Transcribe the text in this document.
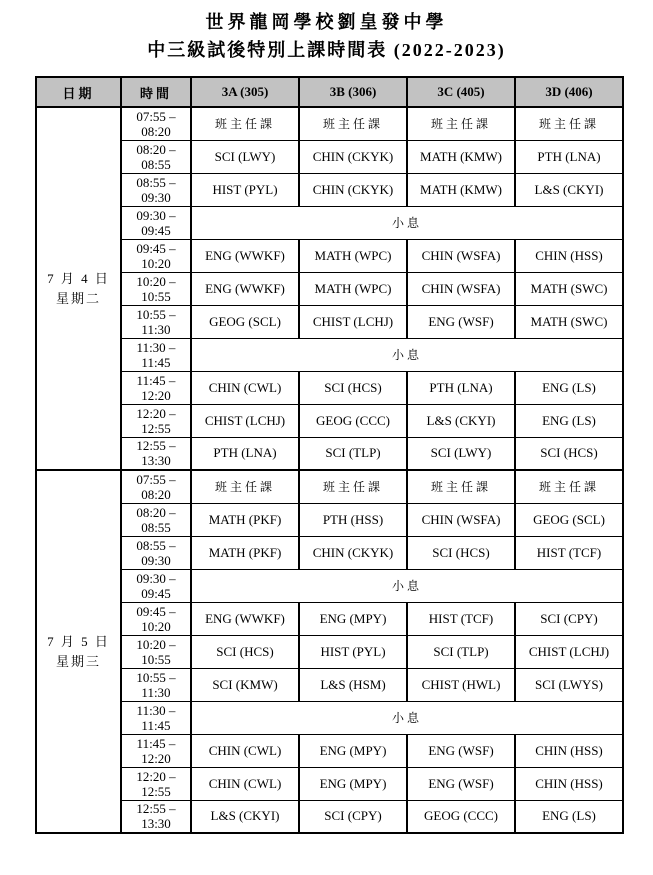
世界龍岡學校劉皇發中學
中三級試後特別上課時間表 (2022-2023)
日期	時間	3A (305)	3B (306)	3C (405)	3D (406)

7 月 4 日
星期二

07:55 –
08:20	班主任課	班主任課	班主任課	班主任課

	08:20 –
08:55	SCI (LWY)	CHIN (CKYK)	MATH (KMW)	PTH (LNA)

	08:55 –
09:30	HIST (PYL)	CHIN (CKYK)	MATH (KMW)	L&S (CKYI)

	09:30 –
09:45	小息			

	09:45 –
10:20	ENG (WWKF)	MATH (WPC)	CHIN (WSFA)	CHIN (HSS)

	10:20 –
10:55	ENG (WWKF)	MATH (WPC)	CHIN (WSFA)	MATH (SWC)

	10:55 –
11:30	GEOG (SCL)	CHIST (LCHJ)	ENG (WSF)	MATH (SWC)

	11:30 –
11:45	小息			

	11:45 –
12:20	CHIN (CWL)	SCI (HCS)	PTH (LNA)	ENG (LS)

	12:20 –
12:55	CHIST (LCHJ)	GEOG (CCC)	L&S (CKYI)	ENG (LS)

	12:55 –
13:30	PTH (LNA)	SCI (TLP)	SCI (LWY)	SCI (HCS)

7 月 5 日
星期三

07:55 –
08:20	班主任課	班主任課	班主任課	班主任課

	08:20 –
08:55	MATH (PKF)	PTH (HSS)	CHIN (WSFA)	GEOG (SCL)

	08:55 –
09:30	MATH (PKF)	CHIN (CKYK)	SCI (HCS)	HIST (TCF)

	09:30 –
09:45	小息			

	09:45 –
10:20	ENG (WWKF)	ENG (MPY)	HIST (TCF)	SCI (CPY)

	10:20 –
10:55	SCI (HCS)	HIST (PYL)	SCI (TLP)	CHIST (LCHJ)

	10:55 –
11:30	SCI (KMW)	L&S (HSM)	CHIST (HWL)	SCI (LWYS)

	11:30 –
11:45	小息			

	11:45 –
12:20	CHIN (CWL)	ENG (MPY)	ENG (WSF)	CHIN (HSS)

	12:20 –
12:55	CHIN (CWL)	ENG (MPY)	ENG (WSF)	CHIN (HSS)

	12:55 –
13:30	L&S (CKYI)	SCI (CPY)	GEOG (CCC)	ENG (LS)
